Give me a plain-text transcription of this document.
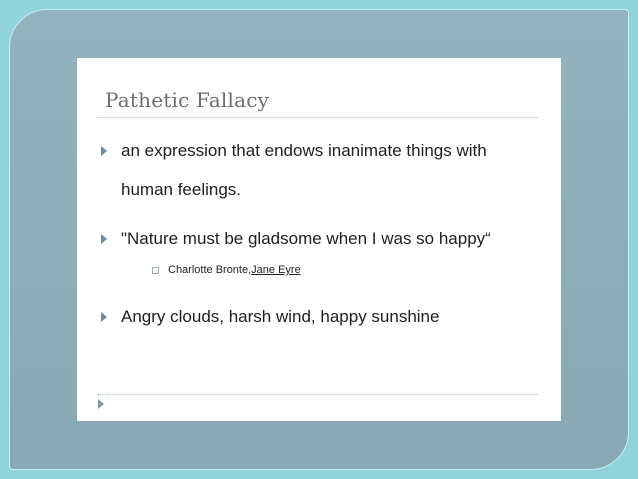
Pathetic Fallacy
an expression that endows inanimate things with
human feelings.
"Nature must be gladsome when I was so happy“
Charlotte Bronte, Jane Eyre
Angry clouds, harsh wind, happy sunshine
